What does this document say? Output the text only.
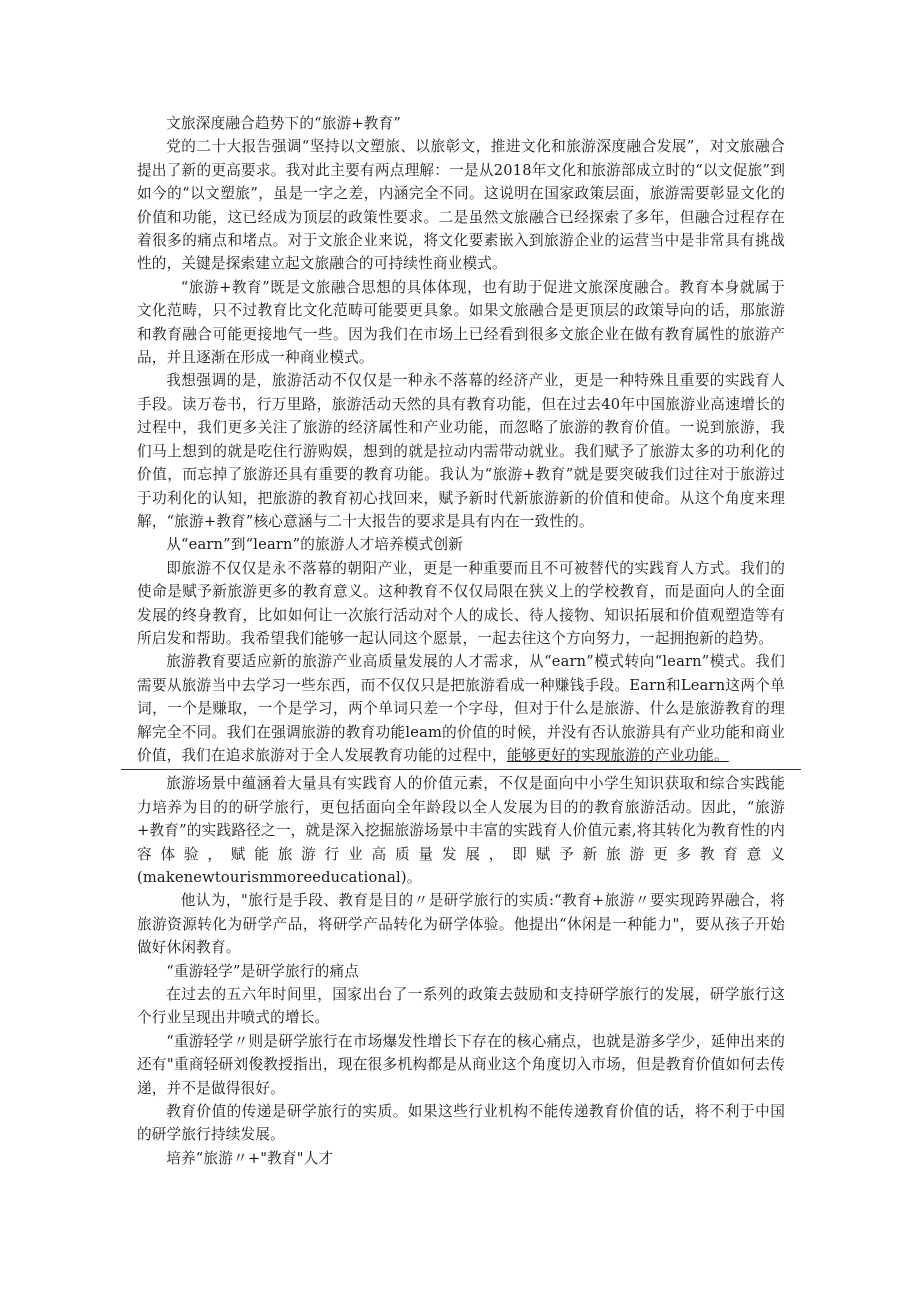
文旅深度融合趋势下的“旅游+教育”

党的二十大报告强调“坚持以文塑旅、以旅彰文，推进文化和旅游深度融合发展”，对文旅融合提出了新的更高要求。我对此主要有两点理解：一是从2018年文化和旅游部成立时的“以文促旅”到如今的“以文塑旅”，虽是一字之差，内涵完全不同。这说明在国家政策层面，旅游需要彰显文化的价值和功能，这已经成为顶层的政策性要求。二是虽然文旅融合已经探索了多年，但融合过程存在着很多的痛点和堵点。对于文旅企业来说，将文化要素嵌入到旅游企业的运营当中是非常具有挑战性的，关键是探索建立起文旅融合的可持续性商业模式。

“旅游+教育”既是文旅融合思想的具体体现，也有助于促进文旅深度融合。教育本身就属于文化范畴，只不过教育比文化范畴可能要更具象。如果文旅融合是更顶层的政策导向的话，那旅游和教育融合可能更接地气一些。因为我们在市场上已经看到很多文旅企业在做有教育属性的旅游产品，并且逐渐在形成一种商业模式。

我想强调的是，旅游活动不仅仅是一种永不落幕的经济产业，更是一种特殊且重要的实践育人手段。读万卷书，行万里路，旅游活动天然的具有教育功能，但在过去40年中国旅游业高速增长的过程中，我们更多关注了旅游的经济属性和产业功能，而忽略了旅游的教育价值。一说到旅游，我们马上想到的就是吃住行游购娱，想到的就是拉动内需带动就业。我们赋予了旅游太多的功利化的价值，而忘掉了旅游还具有重要的教育功能。我认为“旅游+教育”就是要突破我们过往对于旅游过于功利化的认知，把旅游的教育初心找回来，赋予新时代新旅游新的价值和使命。从这个角度来理解，“旅游+教育”核心意涵与二十大报告的要求是具有内在一致性的。

从“earn”到“learn”的旅游人才培养模式创新

即旅游不仅仅是永不落幕的朝阳产业，更是一种重要而且不可被替代的实践育人方式。我们的使命是赋予新旅游更多的教育意义。这种教育不仅仅局限在狭义上的学校教育，而是面向人的全面发展的终身教育，比如如何让一次旅行活动对个人的成长、待人接物、知识拓展和价值观塑造等有所启发和帮助。我希望我们能够一起认同这个愿景，一起去往这个方向努力，一起拥抱新的趋势。

旅游教育要适应新的旅游产业高质量发展的人才需求，从“earn”模式转向“learn”模式。我们需要从旅游当中去学习一些东西，而不仅仅只是把旅游看成一种赚钱手段。Earn和Learn这两个单词，一个是赚取，一个是学习，两个单词只差一个字母，但对于什么是旅游、什么是旅游教育的理解完全不同。我们在强调旅游的教育功能leam的价值的时候，并没有否认旅游具有产业功能和商业价值，我们在追求旅游对于全人发展教育功能的过程中，能够更好的实现旅游的产业功能。

旅游场景中蕴涵着大量具有实践育人的价值元素，不仅是面向中小学生知识获取和综合实践能力培养为目的的研学旅行，更包括面向全年龄段以全人发展为目的的教育旅游活动。因此，“旅游+教育”的实践路径之一，就是深入挖掘旅游场景中丰富的实践育人价值元素,将其转化为教育性的内容体验，赋能旅游行业高质量发展，即赋予新旅游更多教育意义(makenewtourismmoreeducational)。

他认为，"旅行是手段、教育是目的〃是研学旅行的实质:“教育+旅游〃要实现跨界融合，将旅游资源转化为研学产品，将研学产品转化为研学体验。他提出“休闲是一种能力"，要从孩子开始做好休闲教育。

“重游轻学”是研学旅行的痛点

在过去的五六年时间里，国家出台了一系列的政策去鼓励和支持研学旅行的发展，研学旅行这个行业呈现出井喷式的增长。

“重游轻学〃则是研学旅行在市场爆发性增长下存在的核心痛点，也就是游多学少，延伸出来的还有"重商轻研刘俊教授指出，现在很多机构都是从商业这个角度切入市场，但是教育价值如何去传递，并不是做得很好。

教育价值的传递是研学旅行的实质。如果这些行业机构不能传递教育价值的话，将不利于中国的研学旅行持续发展。

培养“旅游〃+"教育"人才
